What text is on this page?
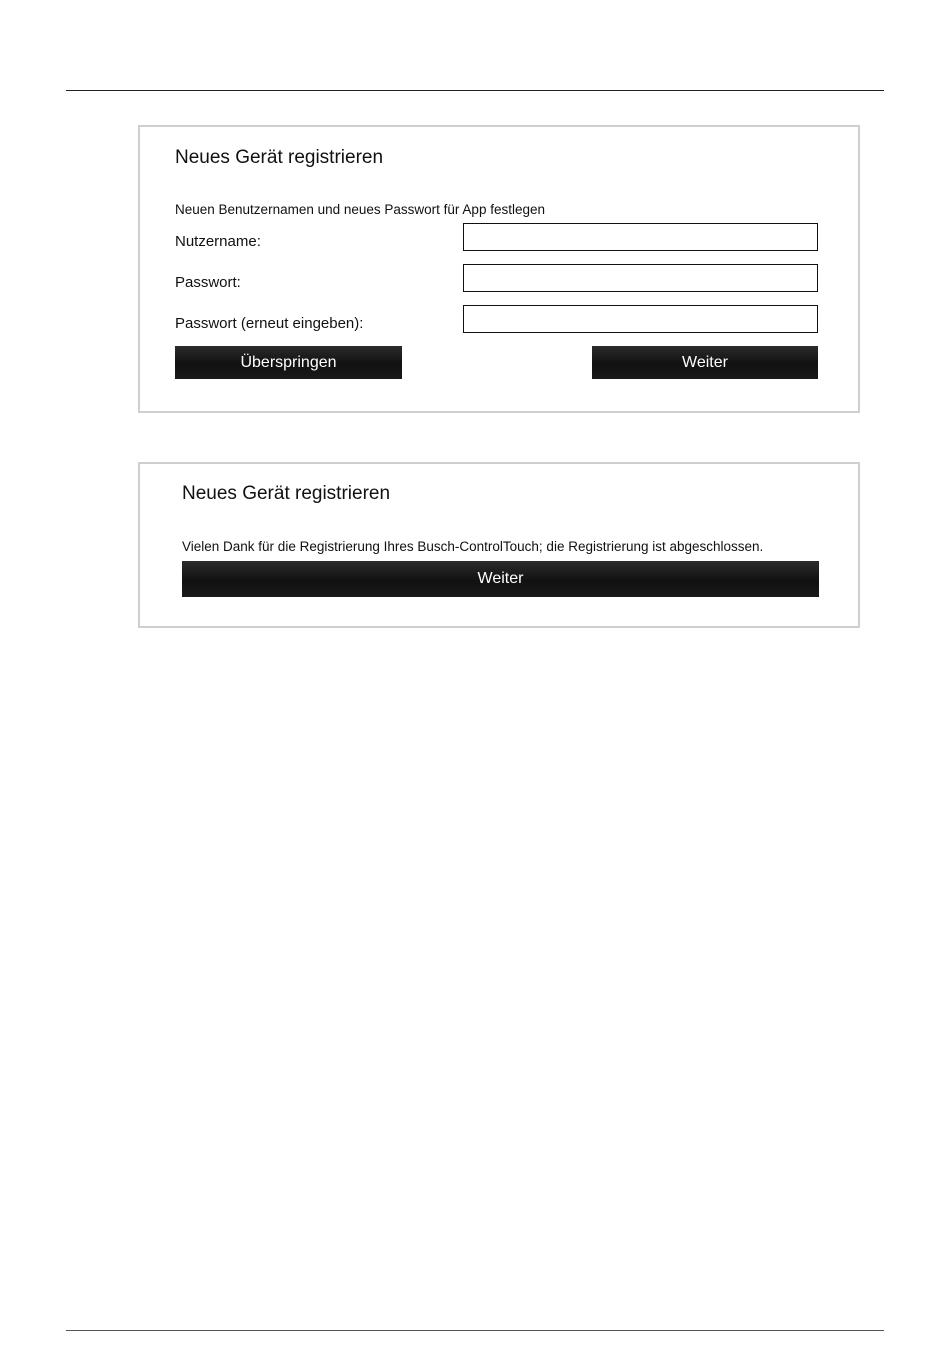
Neues Gerät registrieren
Neuen Benutzernamen und neues Passwort für App festlegen
Nutzername:
Passwort:
Passwort (erneut eingeben):
Überspringen	Weiter
Neues Gerät registrieren
Vielen Dank für die Registrierung Ihres Busch-ControlTouch; die Registrierung ist abgeschlossen.
Weiter
